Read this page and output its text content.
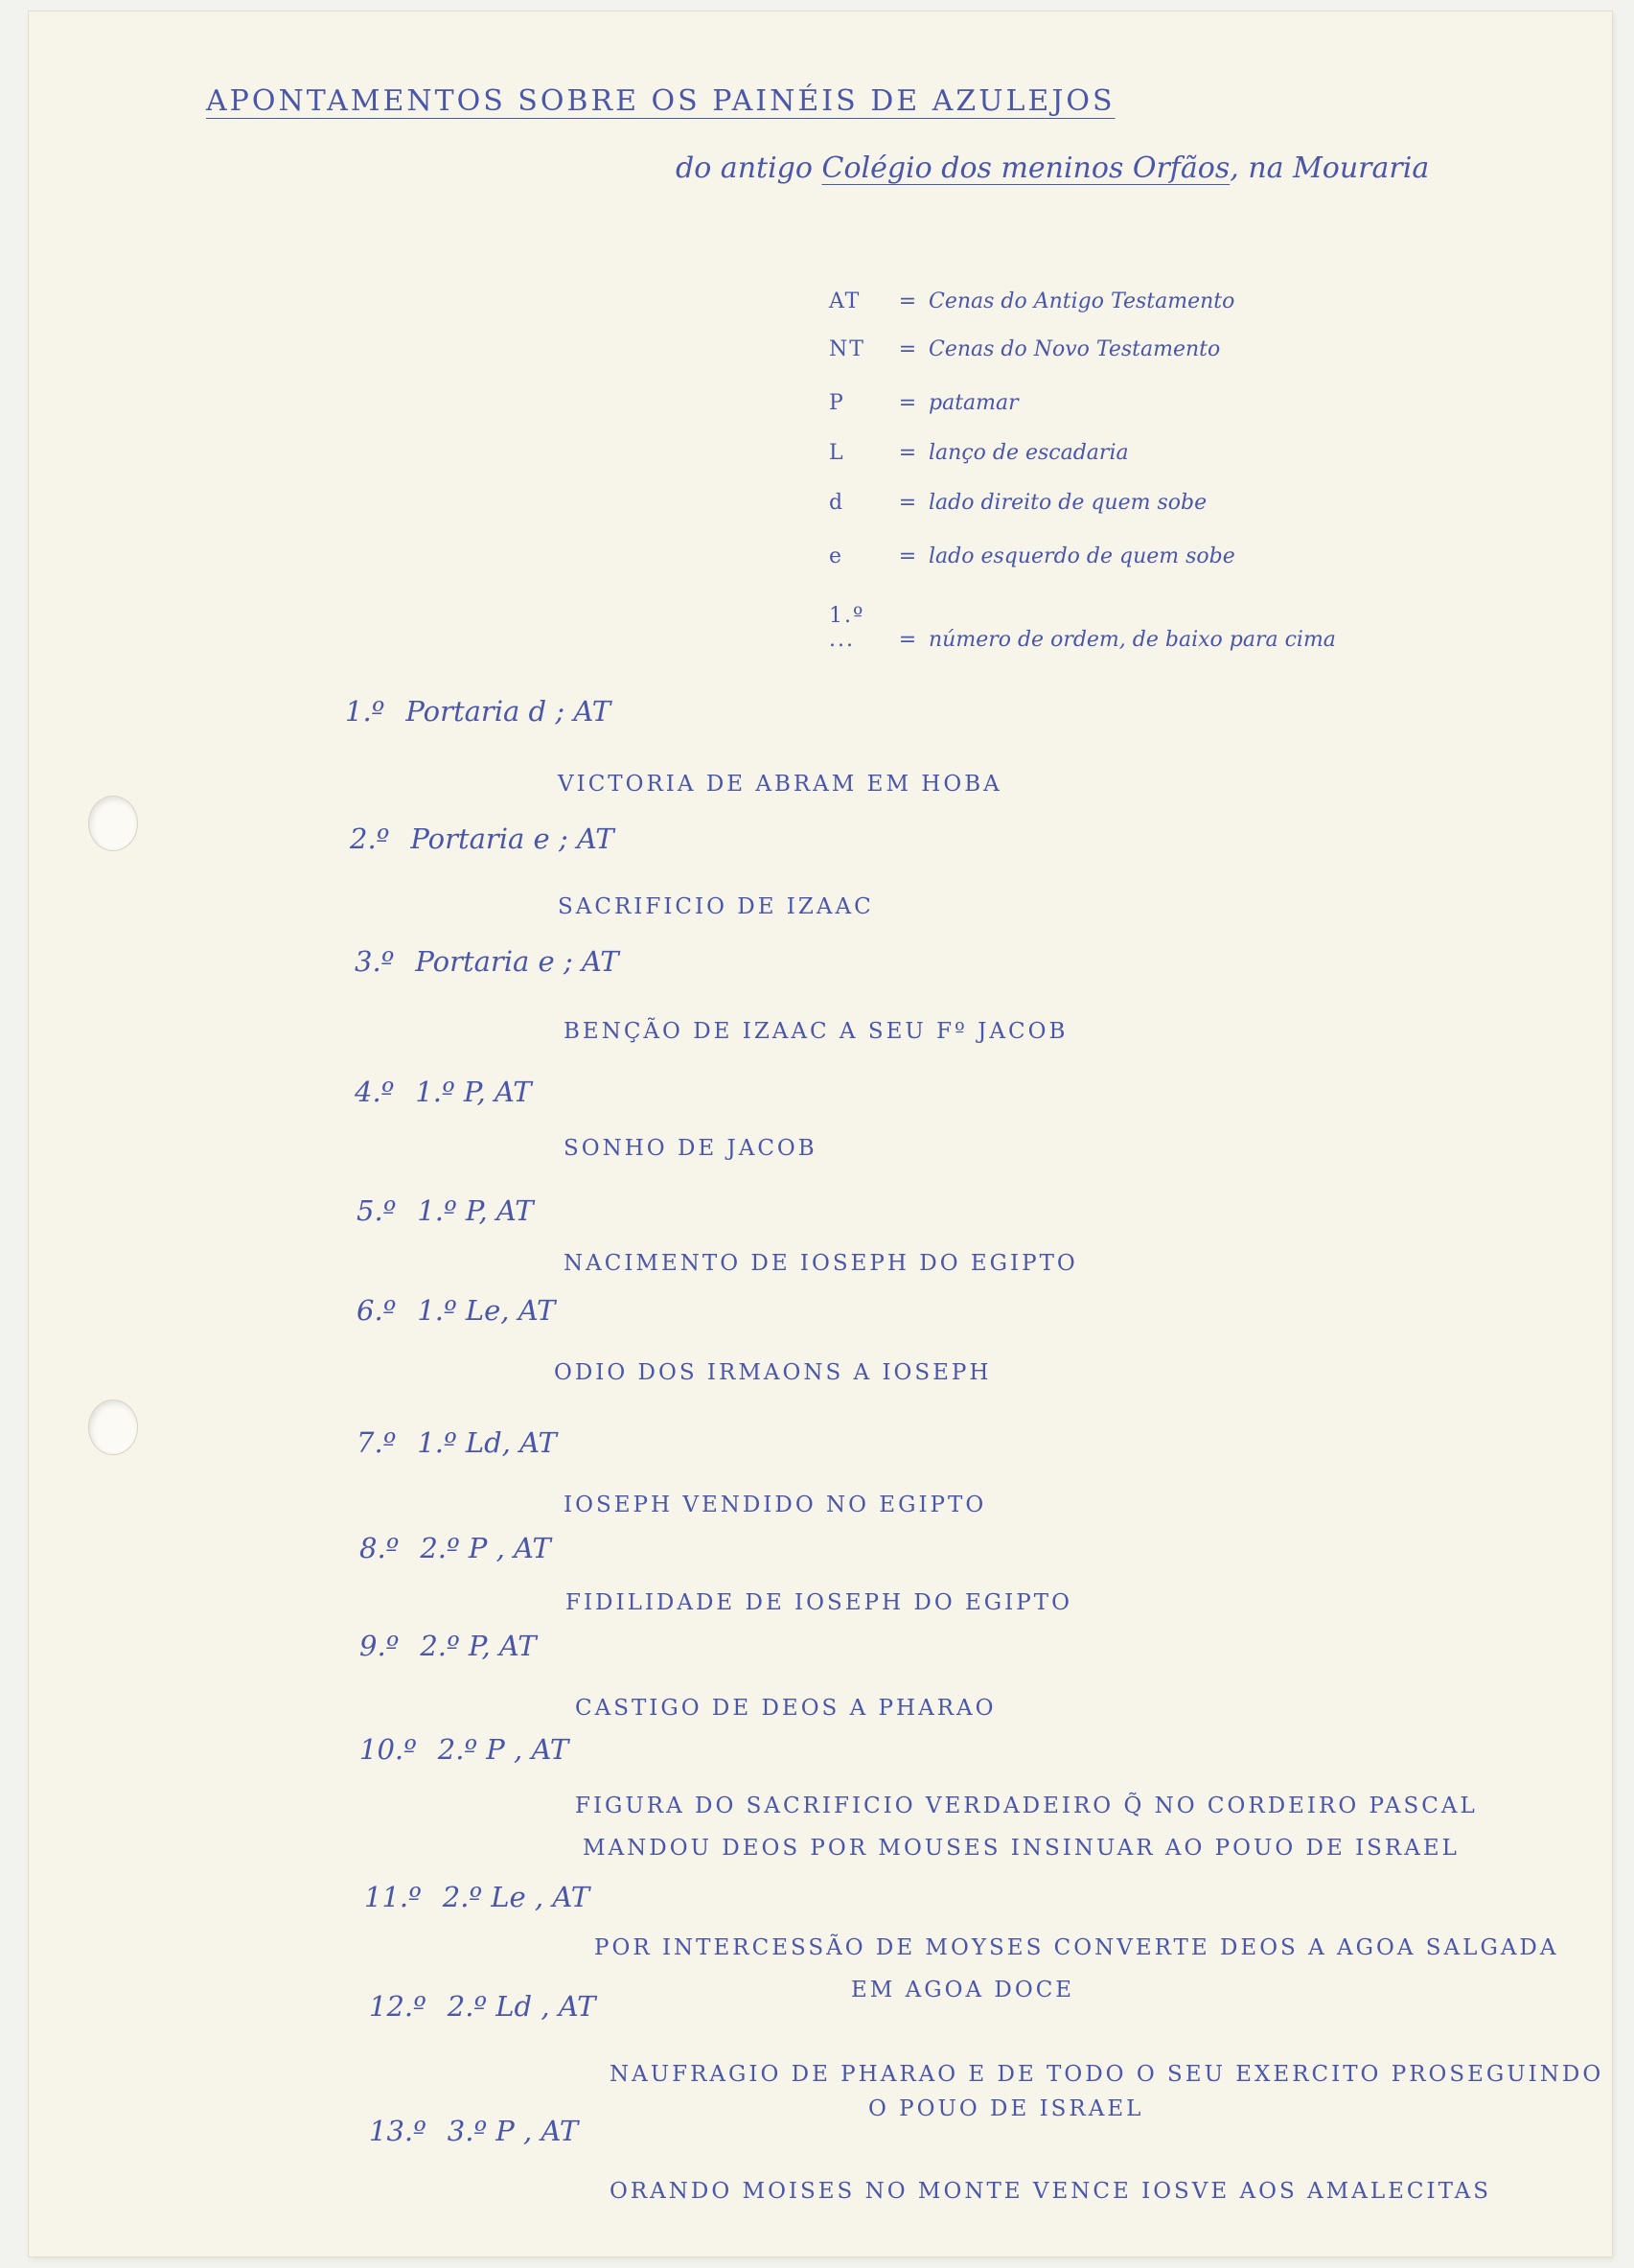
APONTAMENTOS SOBRE OS PAINÉIS DE AZULEJOS
do antigo Colégio dos meninos Orfãos, na Mouraria
AT = Cenas do Antigo Testamento
NT = Cenas do Novo Testamento
P	= patamar
L	= lanço de escadaria
d	= lado direito de quem sobe
e	= lado esquerdo de quem sobe
1.º ... = número de ordem, de baixo para cima
1.º Portaria d ; AT
VICTORIA DE ABRAM EM HOBA
2.º Portaria e ; AT
SACRIFICIO DE IZAAC
3.º Portaria e ; AT
BENÇÃO DE IZAAC A SEU Fº JACOB
4.º 1.º P, AT
SONHO DE JACOB
5.º 1.º P, AT
NACIMENTO DE IOSEPH DO EGIPTO
6.º 1.º Le, AT
ODIO DOS IRMAONS A IOSEPH
7.º 1.º Ld, AT
IOSEPH VENDIDO NO EGIPTO
8.º 2.º P , AT
FIDILIDADE DE IOSEPH DO EGIPTO
9.º 2.º P, AT
CASTIGO DE DEOS A PHARAO
10.º 2.º P , AT
FIGURA DO SACRIFICIO VERDADEIRO Q̃ NO CORDEIRO PASCAL
MANDOU DEOS POR MOUSES INSINUAR AO POUO DE ISRAEL
11.º 2.º Le , AT
POR INTERCESSÃO DE MOYSES CONVERTE DEOS A AGOA SALGADA
EM AGOA DOCE
12.º 2.º Ld , AT
NAUFRAGIO DE PHARAO E DE TODO O SEU EXERCITO PROSEGUINDO
O POUO DE ISRAEL
13.º 3.º P , AT
ORANDO MOISES NO MONTE VENCE IOSVE AOS AMALECITAS
